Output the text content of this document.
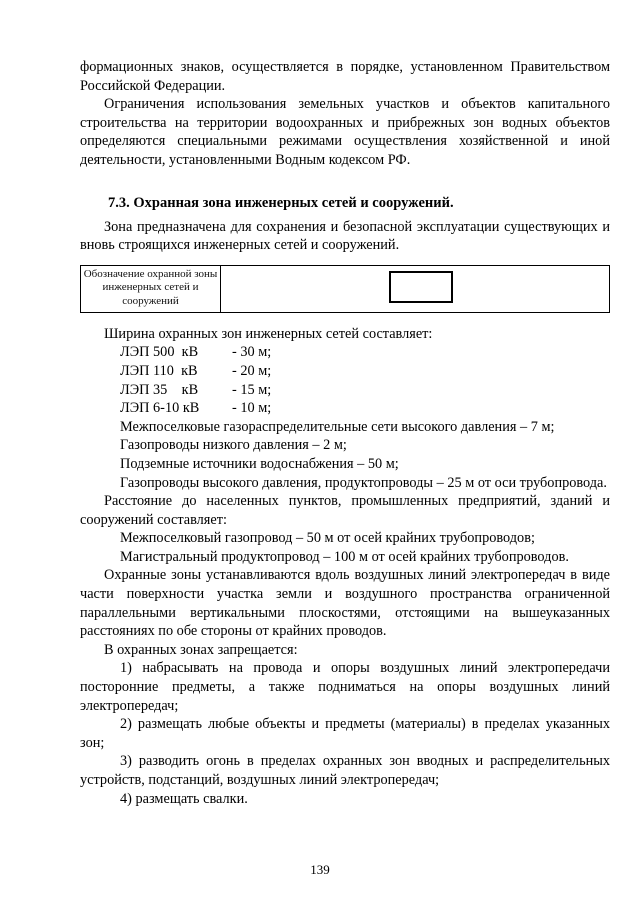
формационных знаков, осуществляется в порядке, установленном Правительством Российской Федерации.

Ограничения использования земельных участков и объектов капитального строительства на территории водоохранных и прибрежных зон водных объектов определяются специальными режимами осуществления хозяйственной и иной деятельности, установленными Водным кодексом РФ.

7.3. Охранная зона инженерных сетей и сооружений.

Зона предназначена для сохранения и безопасной эксплуатации существующих и вновь строящихся инженерных сетей и сооружений.

Обозначение охранной зоны инженерных сетей и сооружений

Ширина охранных зон инженерных сетей составляет:

ЛЭП 500  кВ - 30 м;
ЛЭП 110  кВ - 20 м;
ЛЭП 35    кВ - 15 м;
ЛЭП 6-10 кВ - 10 м;

Межпоселковые газораспределительные сети высокого давления – 7 м;

Газопроводы низкого давления – 2 м;

Подземные источники водоснабжения – 50 м;

Газопроводы высокого давления, продуктопроводы – 25 м от оси трубопровода.

Расстояние до населенных пунктов, промышленных предприятий, зданий и сооружений составляет:

Межпоселковый газопровод – 50 м от осей крайних трубопроводов;

Магистральный продуктопровод – 100 м от осей крайних трубопроводов.

Охранные зоны устанавливаются вдоль воздушных линий электропередач в виде части поверхности участка земли и воздушного пространства ограниченной параллельными вертикальными плоскостями, отстоящими на вышеуказанных расстояниях по обе стороны от крайних проводов.

В охранных зонах запрещается:

1) набрасывать на провода и опоры воздушных линий электропередачи посторонние предметы, а также подниматься на опоры воздушных линий электропередач;

2) размещать любые объекты и предметы (материалы) в пределах указанных зон;

3) разводить огонь в пределах охранных зон вводных и распределительных устройств, подстанций, воздушных линий электропередач;

4) размещать свалки.

139
